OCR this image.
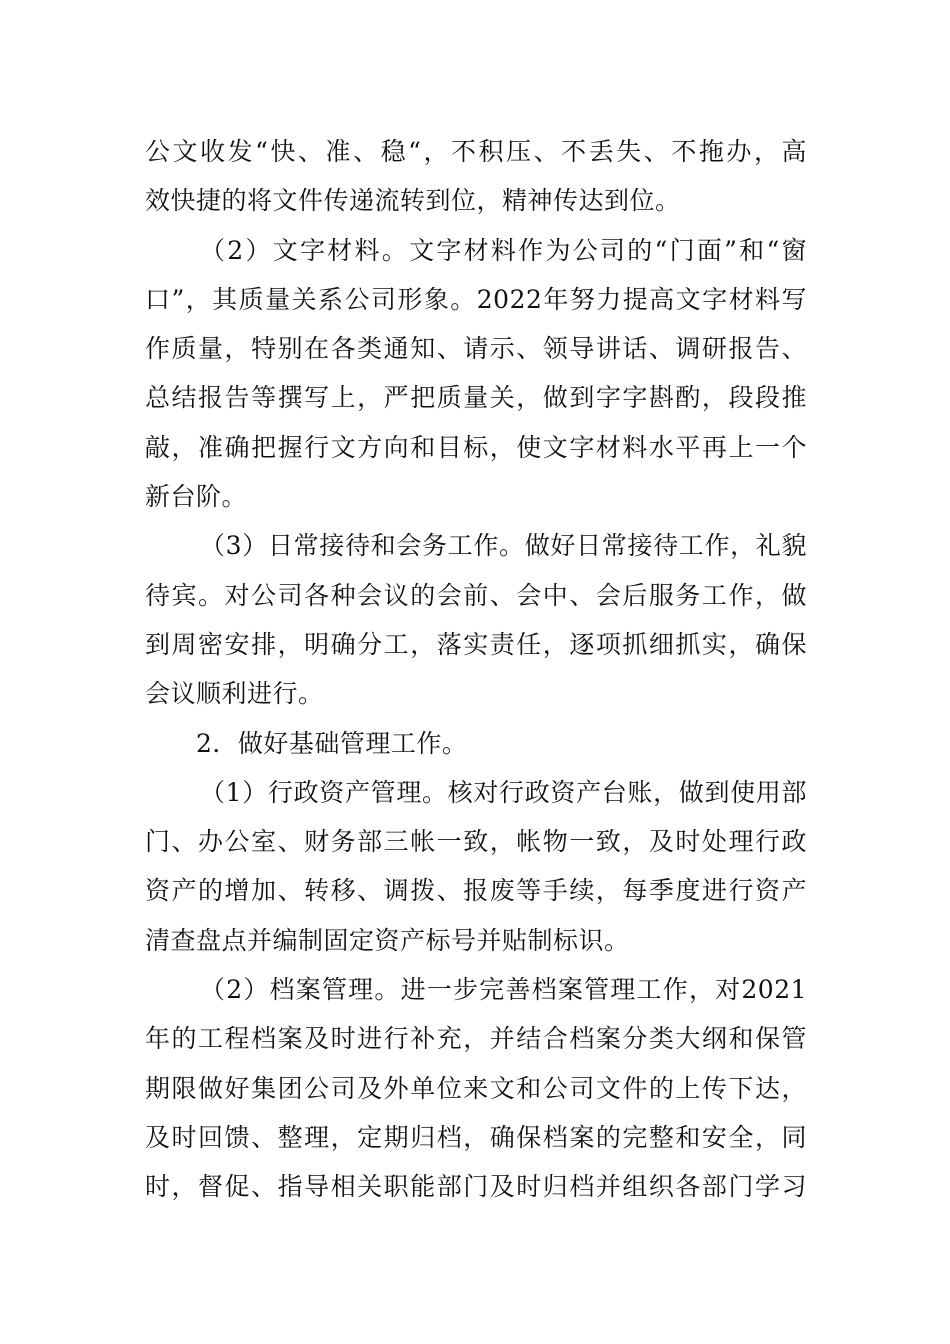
公文收发“快、准、稳“，不积压、不丢失、不拖办，高
效快捷的将文件传递流转到位，精神传达到位。
（2）文字材料。文字材料作为公司的“门面”和“窗
口”，其质量关系公司形象。2022年努力提高文字材料写
作质量，特别在各类通知、请示、领导讲话、调研报告、
总结报告等撰写上，严把质量关，做到字字斟酌，段段推
敲，准确把握行文方向和目标，使文字材料水平再上一个
新台阶。
（3）日常接待和会务工作。做好日常接待工作，礼貌
待宾。对公司各种会议的会前、会中、会后服务工作，做
到周密安排，明确分工，落实责任，逐项抓细抓实，确保
会议顺利进行。
2．做好基础管理工作。
（1）行政资产管理。核对行政资产台账，做到使用部
门、办公室、财务部三帐一致，帐物一致，及时处理行政
资产的增加、转移、调拨、报废等手续，每季度进行资产
清查盘点并编制固定资产标号并贴制标识。
（2）档案管理。进一步完善档案管理工作，对2021
年的工程档案及时进行补充，并结合档案分类大纲和保管
期限做好集团公司及外单位来文和公司文件的上传下达，
及时回馈、整理，定期归档，确保档案的完整和安全，同
时，督促、指导相关职能部门及时归档并组织各部门学习
